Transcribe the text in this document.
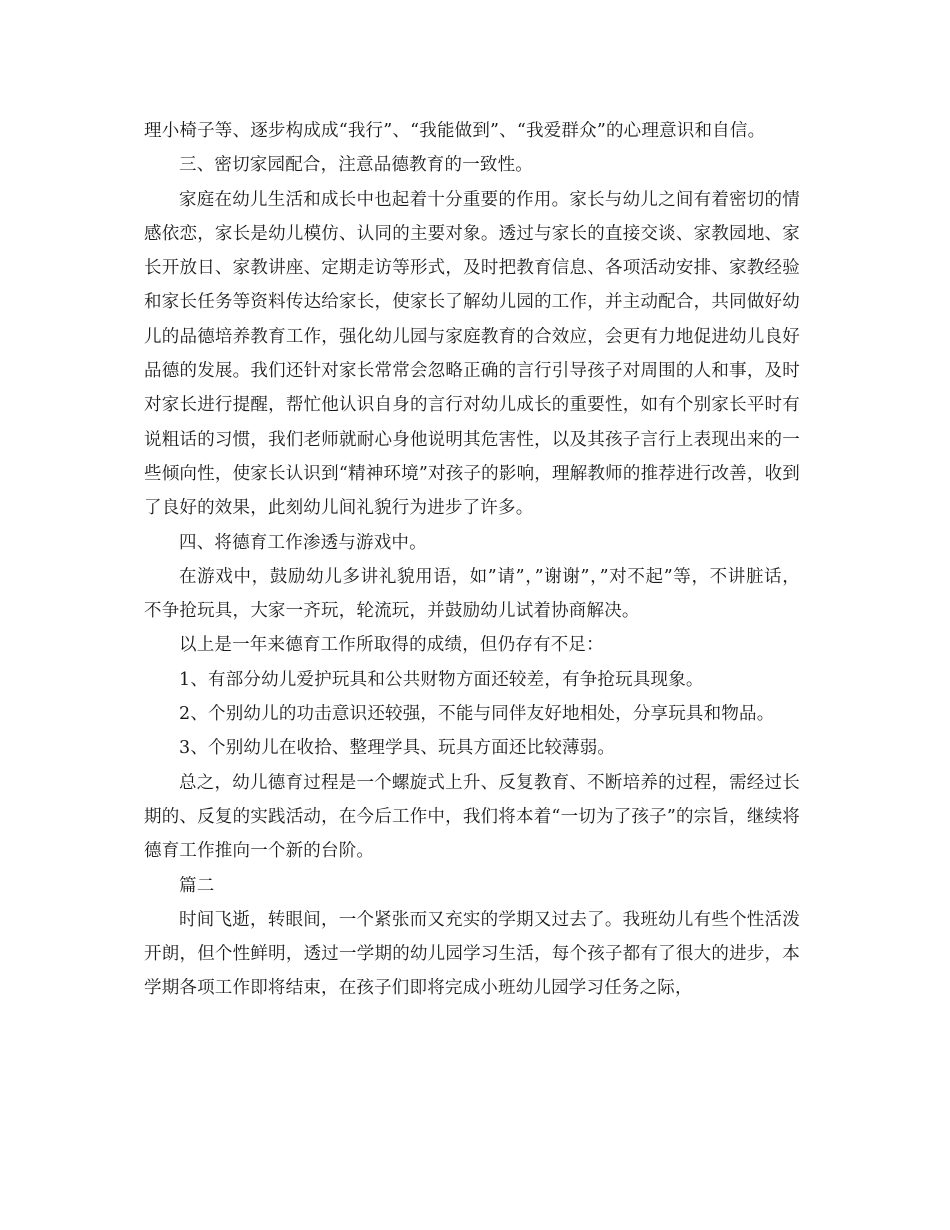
理小椅子等、逐步构成成“我行”、“我能做到”、“我爱群众”的心理意识和自信。

三、密切家园配合，注意品德教育的一致性。

家庭在幼儿生活和成长中也起着十分重要的作用。家长与幼儿之间有着密切的情感依恋，家长是幼儿模仿、认同的主要对象。透过与家长的直接交谈、家教园地、家长开放日、家教讲座、定期走访等形式，及时把教育信息、各项活动安排、家教经验和家长任务等资料传达给家长，使家长了解幼儿园的工作，并主动配合，共同做好幼儿的品德培养教育工作，强化幼儿园与家庭教育的合效应，会更有力地促进幼儿良好品德的发展。我们还针对家长常常会忽略正确的言行引导孩子对周围的人和事，及时对家长进行提醒，帮忙他认识自身的言行对幼儿成长的重要性，如有个别家长平时有说粗话的习惯，我们老师就耐心身他说明其危害性，以及其孩子言行上表现出来的一些倾向性，使家长认识到“精神环境”对孩子的影响，理解教师的推荐进行改善，收到了良好的效果，此刻幼儿间礼貌行为进步了许多。

四、将德育工作渗透与游戏中。

在游戏中，鼓励幼儿多讲礼貌用语，如”请”，”谢谢”，”对不起”等，不讲脏话，不争抢玩具，大家一齐玩，轮流玩，并鼓励幼儿试着协商解决。

以上是一年来德育工作所取得的成绩，但仍存有不足：

1、有部分幼儿爱护玩具和公共财物方面还较差，有争抢玩具现象。

2、个别幼儿的功击意识还较强，不能与同伴友好地相处，分享玩具和物品。

3、个别幼儿在收拾、整理学具、玩具方面还比较薄弱。

总之，幼儿德育过程是一个螺旋式上升、反复教育、不断培养的过程，需经过长期的、反复的实践活动，在今后工作中，我们将本着“一切为了孩子”的宗旨，继续将德育工作推向一个新的台阶。

篇二

时间飞逝，转眼间，一个紧张而又充实的学期又过去了。我班幼儿有些个性活泼开朗，但个性鲜明，透过一学期的幼儿园学习生活，每个孩子都有了很大的进步，本学期各项工作即将结束，在孩子们即将完成小班幼儿园学习任务之际，
